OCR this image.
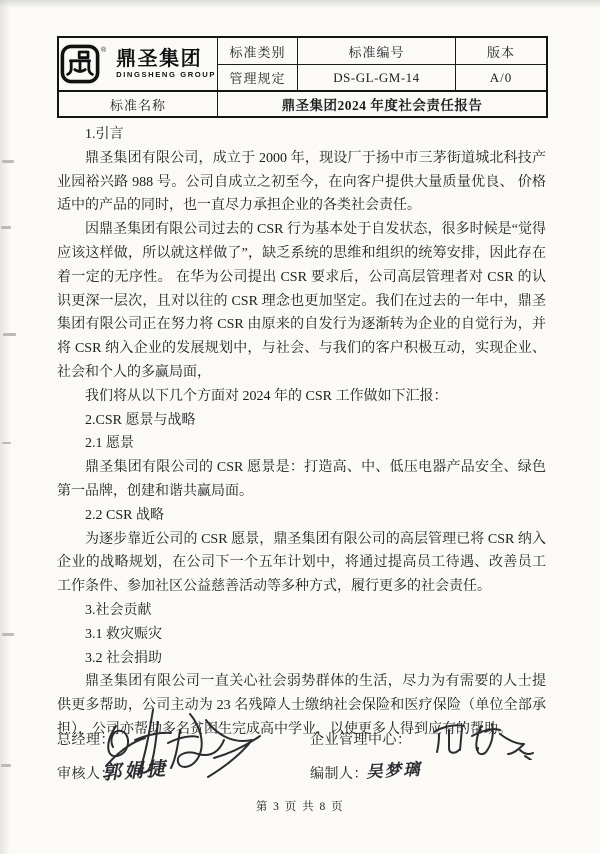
® 鼎圣集团
DINGSHENG GROUP
标准类别	标准编号	版本
管理规定	DS-GL-GM-14	A/0
标准名称	鼎圣集团2024 年度社会责任报告

1.引言

鼎圣集团有限公司，成立于 2000 年，现设厂于扬中市三茅街道城北科技产业园裕兴路 988 号。公司自成立之初至今，在向客户提供大量质量优良、 价格适中的产品的同时，也一直尽力承担企业的各类社会责任。

因鼎圣集团有限公司过去的 CSR 行为基本处于自发状态，很多时候是“觉得应该这样做，所以就这样做了”，缺乏系统的思维和组织的统筹安排，因此存在着一定的无序性。 在华为公司提出 CSR 要求后，公司高层管理者对 CSR 的认识更深一层次，且对以往的 CSR 理念也更加坚定。我们在过去的一年中，鼎圣集团有限公司正在努力将 CSR 由原来的自发行为逐渐转为企业的自觉行为，并将 CSR 纳入企业的发展规划中，与社会、与我们的客户积极互动，实现企业、社会和个人的多赢局面，

我们将从以下几个方面对 2024 年的 CSR 工作做如下汇报：

2.CSR 愿景与战略

2.1 愿景

鼎圣集团有限公司的 CSR 愿景是：打造高、中、低压电器产品安全、绿色第一品牌，创建和谐共赢局面。

2.2 CSR 战略

为逐步靠近公司的 CSR 愿景，鼎圣集团有限公司的高层管理已将 CSR 纳入企业的战略规划，在公司下一个五年计划中，将通过提高员工待遇、改善员工工作条件、参加社区公益慈善活动等多种方式，履行更多的社会责任。

3.社会贡献

3.1 救灾赈灾

3.2 社会捐助

鼎圣集团有限公司一直关心社会弱势群体的生活，尽力为有需要的人士提供更多帮助，公司主动为 23 名残障人士缴纳社会保险和医疗保险（单位全部承担），公司亦帮助多名贫困生完成高中学业，以使更多人得到应有的帮助。

总经理：	企业管理中心：
审核人：	编制人：
郭娟捷	吴梦璃
第 3 页 共 8 页
